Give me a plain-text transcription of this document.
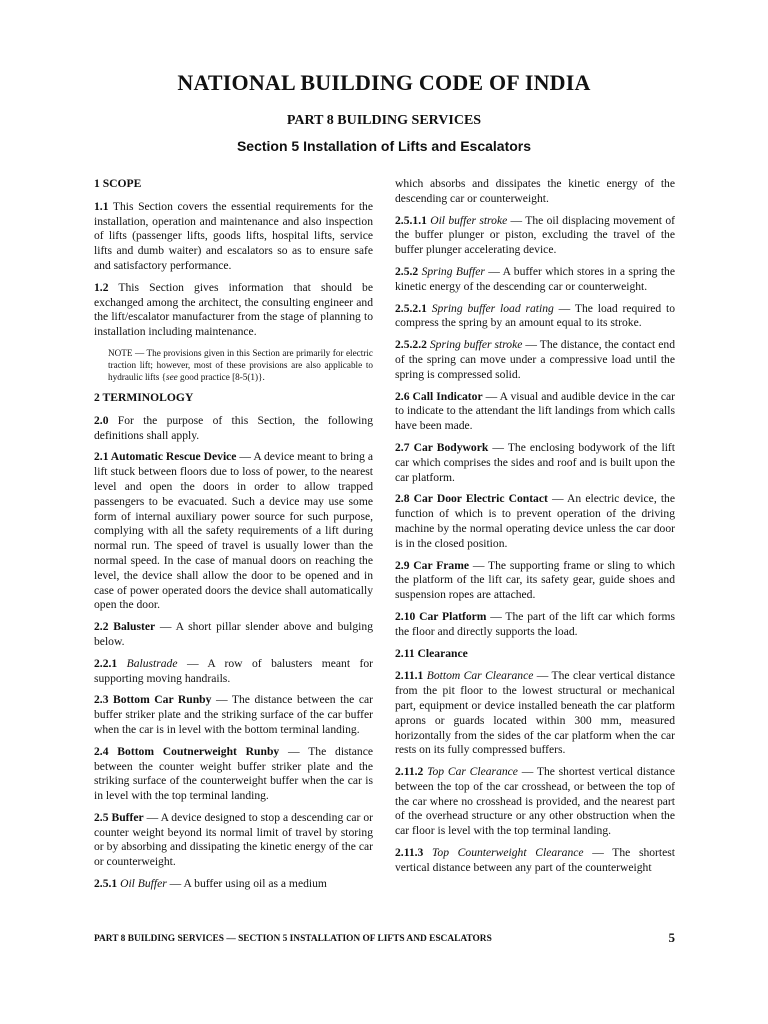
NATIONAL BUILDING CODE OF INDIA
PART 8 BUILDING SERVICES
Section 5 Installation of Lifts and Escalators

1 SCOPE

1.1 This Section covers the essential requirements for the installation, operation and maintenance and also inspection of lifts (passenger lifts, goods lifts, hospital lifts, service lifts and dumb waiter) and escalators so as to ensure safe and satisfactory performance.

1.2 This Section gives information that should be exchanged among the architect, the consulting engineer and the lift/escalator manufacturer from the stage of planning to installation including maintenance.

NOTE — The provisions given in this Section are primarily for electric traction lift; however, most of these provisions are also applicable to hydraulic lifts {see good practice [8-5(1)}.

2 TERMINOLOGY

2.0 For the purpose of this Section, the following definitions shall apply.

2.1 Automatic Rescue Device — A device meant to bring a lift stuck between floors due to loss of power, to the nearest level and open the doors in order to allow trapped passengers to be evacuated. Such a device may use some form of internal auxiliary power source for such purpose, complying with all the safety requirements of a lift during normal run. The speed of travel is usually lower than the normal speed. In the case of manual doors on reaching the level, the device shall allow the door to be opened and in case of power operated doors the device shall automatically open the door.

2.2 Baluster — A short pillar slender above and bulging below.

2.2.1 Balustrade — A row of balusters meant for supporting moving handrails.

2.3 Bottom Car Runby — The distance between the car buffer striker plate and the striking surface of the car buffer when the car is in level with the bottom terminal landing.

2.4 Bottom Coutnerweight Runby — The distance between the counter weight buffer striker plate and the striking surface of the counterweight buffer when the car is in level with the top terminal landing.

2.5 Buffer — A device designed to stop a descending car or counter weight beyond its normal limit of travel by storing or by absorbing and dissipating the kinetic energy of the car or counterweight.

2.5.1 Oil Buffer — A buffer using oil as a medium

which absorbs and dissipates the kinetic energy of the descending car or counterweight.

2.5.1.1 Oil buffer stroke — The oil displacing movement of the buffer plunger or piston, excluding the travel of the buffer plunger accelerating device.

2.5.2 Spring Buffer — A buffer which stores in a spring the kinetic energy of the descending car or counterweight.

2.5.2.1 Spring buffer load rating — The load required to compress the spring by an amount equal to its stroke.

2.5.2.2 Spring buffer stroke — The distance, the contact end of the spring can move under a compressive load until the spring is compressed solid.

2.6 Call Indicator — A visual and audible device in the car to indicate to the attendant the lift landings from which calls have been made.

2.7 Car Bodywork — The enclosing bodywork of the lift car which comprises the sides and roof and is built upon the car platform.

2.8 Car Door Electric Contact — An electric device, the function of which is to prevent operation of the driving machine by the normal operating device unless the car door is in the closed position.

2.9 Car Frame — The supporting frame or sling to which the platform of the lift car, its safety gear, guide shoes and suspension ropes are attached.

2.10 Car Platform — The part of the lift car which forms the floor and directly supports the load.

2.11 Clearance

2.11.1 Bottom Car Clearance — The clear vertical distance from the pit floor to the lowest structural or mechanical part, equipment or device installed beneath the car platform aprons or guards located within 300 mm, measured horizontally from the sides of the car platform when the car rests on its fully compressed buffers.

2.11.2 Top Car Clearance — The shortest vertical distance between the top of the car crosshead, or between the top of the car where no crosshead is provided, and the nearest part of the overhead structure or any other obstruction when the car floor is level with the top terminal landing.

2.11.3 Top Counterweight Clearance — The shortest vertical distance between any part of the counterweight

PART 8 BUILDING SERVICES — SECTION 5 INSTALLATION OF LIFTS AND ESCALATORS	5
